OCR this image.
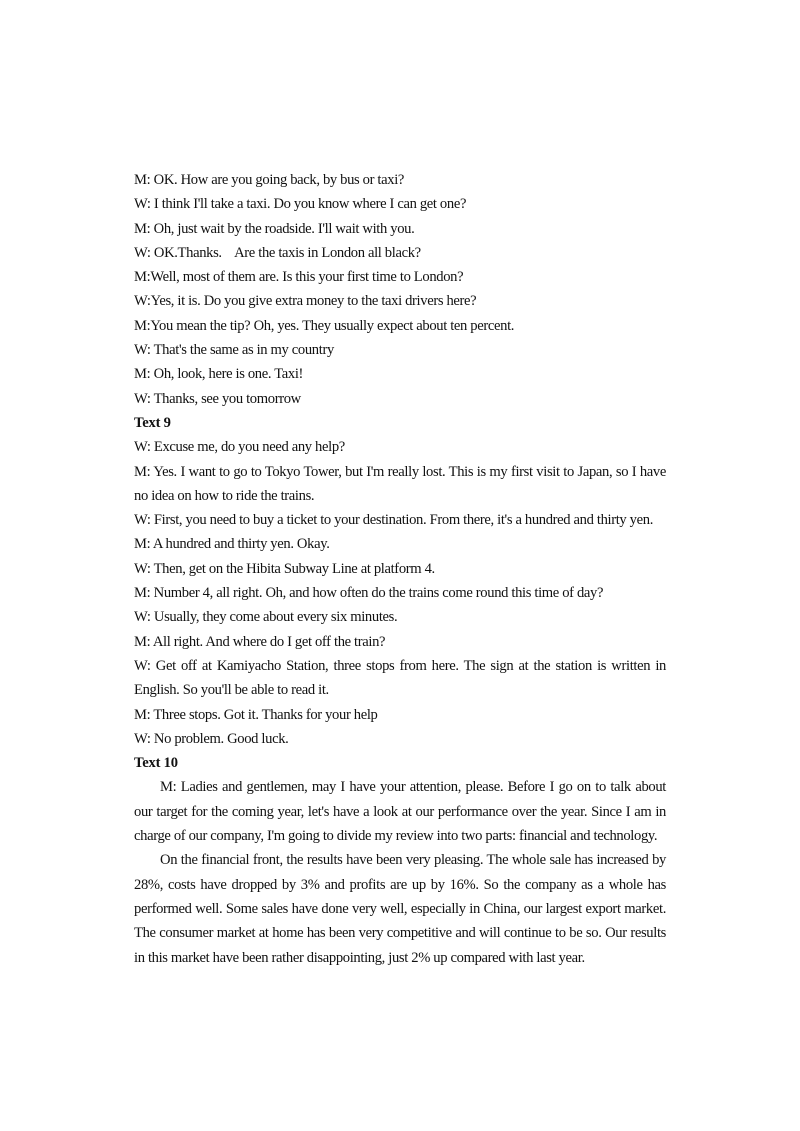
M: OK. How are you going back, by bus or taxi?
W: I think I'll take a taxi. Do you know where I can get one?
M: Oh, just wait by the roadside. I'll wait with you.
W: OK.Thanks.    Are the taxis in London all black?
M:Well, most of them are. Is this your first time to London?
W:Yes, it is. Do you give extra money to the taxi drivers here?
M:You mean the tip? Oh, yes. They usually expect about ten percent.
W: That's the same as in my country
M: Oh, look, here is one. Taxi!
W: Thanks, see you tomorrow
Text 9
W: Excuse me, do you need any help?
M: Yes. I want to go to Tokyo Tower, but I'm really lost. This is my first visit to Japan, so I have no idea on how to ride the trains.
W: First, you need to buy a ticket to your destination. From there, it's a hundred and thirty yen.
M: A hundred and thirty yen. Okay.
W: Then, get on the Hibita Subway Line at platform 4.
M: Number 4, all right. Oh, and how often do the trains come round this time of day?
W: Usually, they come about every six minutes.
M: All right. And where do I get off the train?
W: Get off at Kamiyacho Station, three stops from here. The sign at the station is written in English. So you'll be able to read it.
M: Three stops. Got it. Thanks for your help
W: No problem. Good luck.
Text 10

M: Ladies and gentlemen, may I have your attention, please. Before I go on to talk about our target for the coming year, let's have a look at our performance over the year. Since I am in charge of our company, I'm going to divide my review into two parts: financial and technology.

On the financial front, the results have been very pleasing. The whole sale has increased by 28%, costs have dropped by 3% and profits are up by 16%. So the company as a whole has performed well. Some sales have done very well, especially in China, our largest export market. The consumer market at home has been very competitive and will continue to be so. Our results in this market have been rather disappointing, just 2% up compared with last year.
